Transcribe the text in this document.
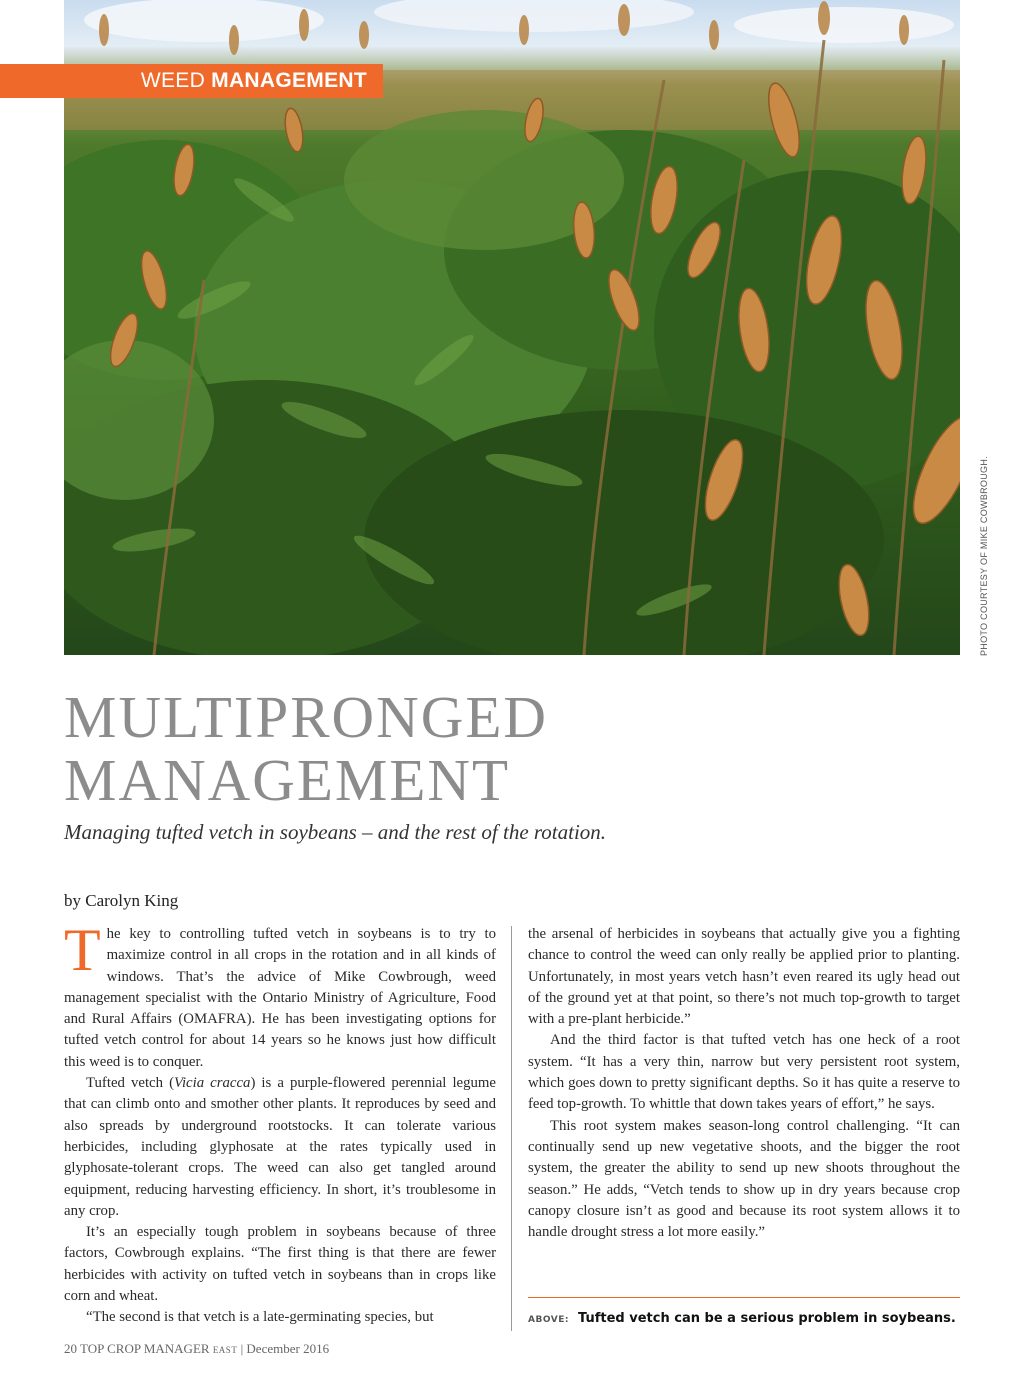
WEED MANAGEMENT
PHOTO COURTESY OF MIKE COWBROUGH.
MULTIPRONGED
MANAGEMENT

Managing tufted vetch in soybeans – and the rest of the rotation.

by Carolyn King

The key to controlling tufted vetch in soybeans is to try to maximize control in all crops in the rotation and in all kinds of windows. That’s the advice of Mike Cowbrough, weed management specialist with the Ontario Ministry of Agriculture, Food and Rural Affairs (OMAFRA). He has been investigating options for tufted vetch control for about 14 years so he knows just how difficult this weed is to conquer.

Tufted vetch (Vicia cracca) is a purple-flowered perennial legume that can climb onto and smother other plants. It reproduces by seed and also spreads by underground rootstocks. It can tolerate various herbicides, including glyphosate at the rates typically used in glyphosate-tolerant crops. The weed can also get tangled around equipment, reducing harvesting efficiency. In short, it’s troublesome in any crop.

It’s an especially tough problem in soybeans because of three factors, Cowbrough explains. “The first thing is that there are fewer herbicides with activity on tufted vetch in soybeans than in crops like corn and wheat.

“The second is that vetch is a late-germinating species, but

the arsenal of herbicides in soybeans that actually give you a fighting chance to control the weed can only really be applied prior to planting. Unfortunately, in most years vetch hasn’t even reared its ugly head out of the ground yet at that point, so there’s not much top-growth to target with a pre-plant herbicide.”

And the third factor is that tufted vetch has one heck of a root system. “It has a very thin, narrow but very persistent root system, which goes down to pretty significant depths. So it has quite a reserve to feed top-growth. To whittle that down takes years of effort,” he says.

This root system makes season-long control challenging. “It can continually send up new vegetative shoots, and the bigger the root system, the greater the ability to send up new shoots throughout the season.” He adds, “Vetch tends to show up in dry years because crop canopy closure isn’t as good and because its root system allows it to handle drought stress a lot more easily.”

ABOVE: Tufted vetch can be a serious problem in soybeans.
20 TOP CROP MANAGER EAST | December 2016
